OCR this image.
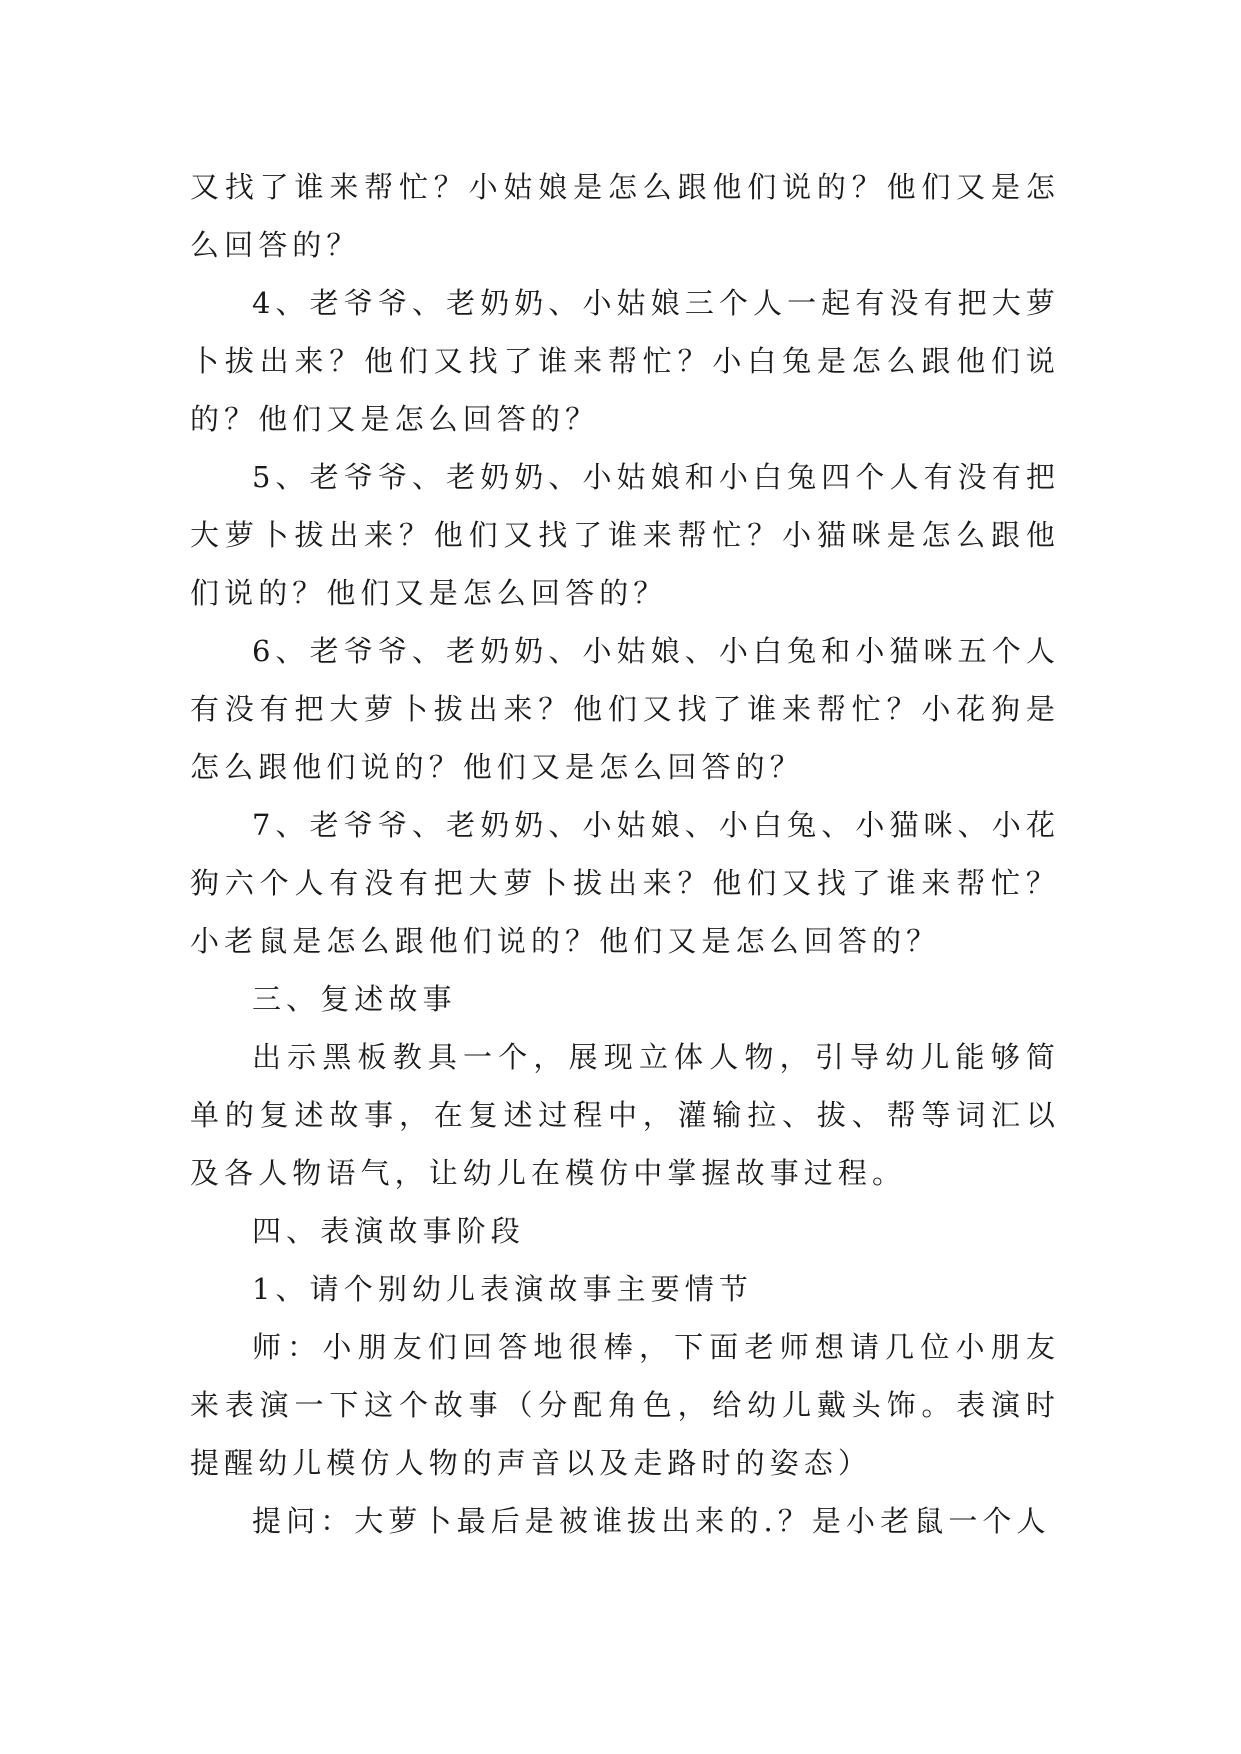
又找了谁来帮忙？小姑娘是怎么跟他们说的？他们又是怎么回答的？

4、老爷爷、老奶奶、小姑娘三个人一起有没有把大萝卜拔出来？他们又找了谁来帮忙？小白兔是怎么跟他们说的？他们又是怎么回答的？

5、老爷爷、老奶奶、小姑娘和小白兔四个人有没有把大萝卜拔出来？他们又找了谁来帮忙？小猫咪是怎么跟他们说的？他们又是怎么回答的？

6、老爷爷、老奶奶、小姑娘、小白兔和小猫咪五个人有没有把大萝卜拔出来？他们又找了谁来帮忙？小花狗是怎么跟他们说的？他们又是怎么回答的？

7、老爷爷、老奶奶、小姑娘、小白兔、小猫咪、小花狗六个人有没有把大萝卜拔出来？他们又找了谁来帮忙？小老鼠是怎么跟他们说的？他们又是怎么回答的？

三、复述故事

出示黑板教具一个，展现立体人物，引导幼儿能够简单的复述故事，在复述过程中，灌输拉、拔、帮等词汇以及各人物语气，让幼儿在模仿中掌握故事过程。

四、表演故事阶段

1、请个别幼儿表演故事主要情节

师：小朋友们回答地很棒，下面老师想请几位小朋友来表演一下这个故事（分配角色，给幼儿戴头饰。表演时提醒幼儿模仿人物的声音以及走路时的姿态）

提问：大萝卜最后是被谁拔出来的.？是小老鼠一个人
